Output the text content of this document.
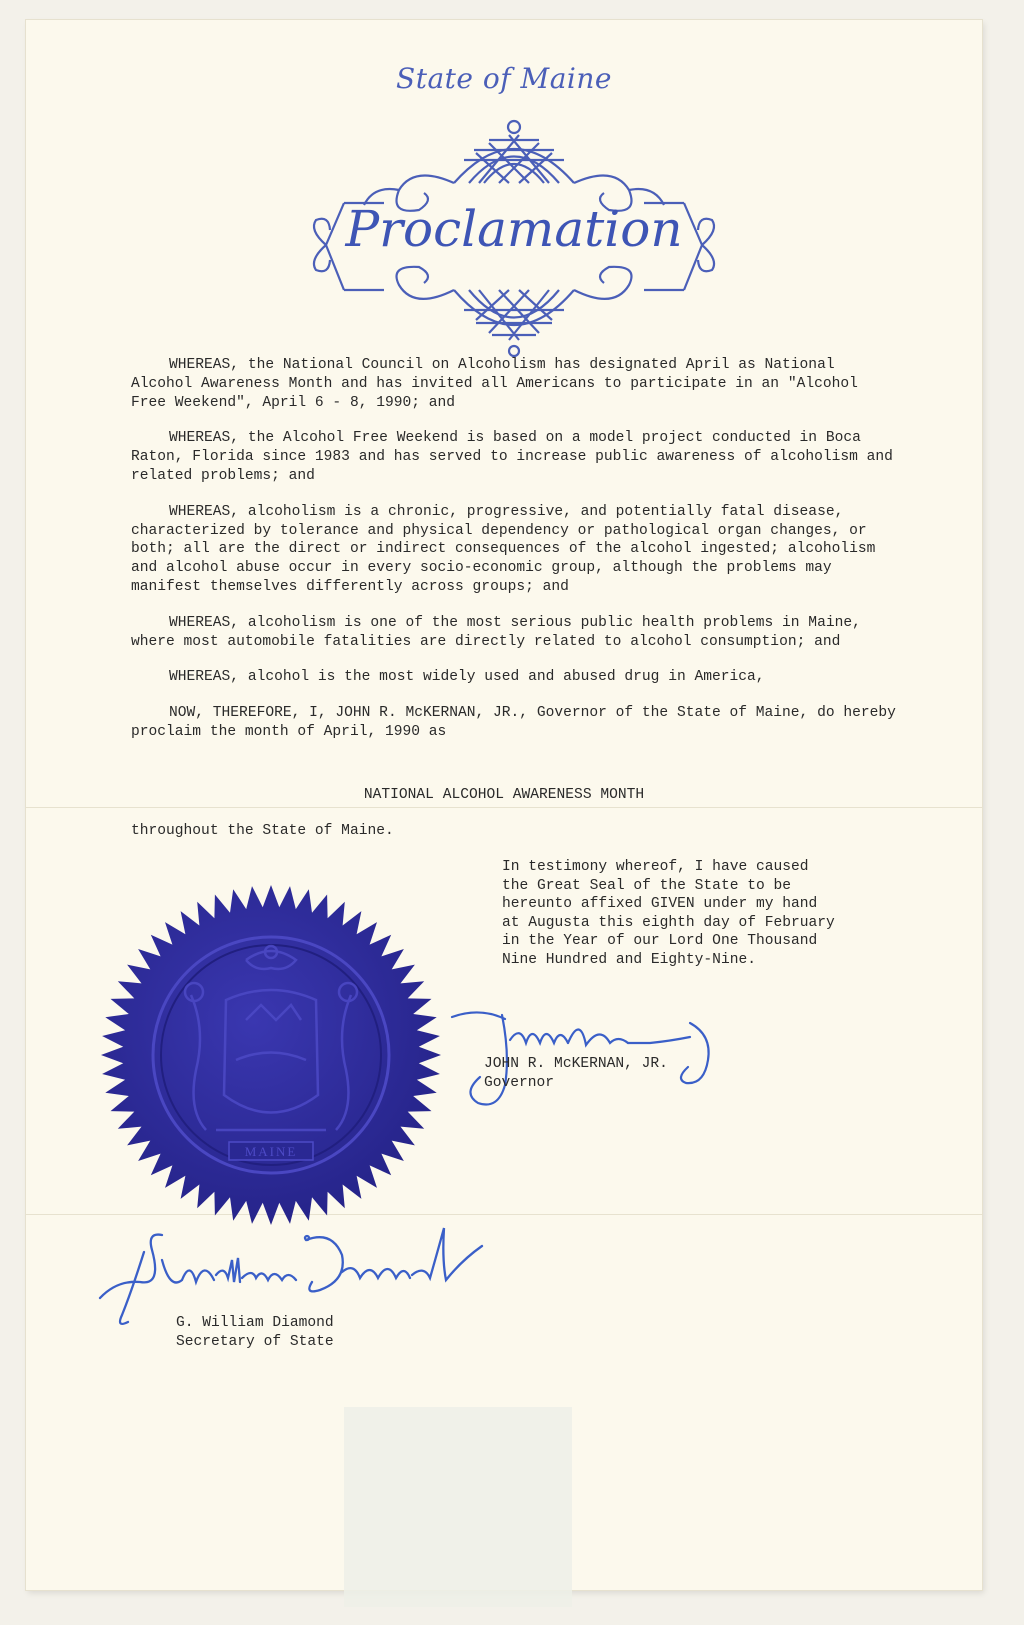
State of Maine
Proclamation

WHEREAS, the National Council on Alcoholism has designated April as National Alcohol Awareness Month and has invited all Americans to participate in an "Alcohol Free Weekend", April 6 - 8, 1990; and

WHEREAS, the Alcohol Free Weekend is based on a model project conducted in Boca Raton, Florida since 1983 and has served to increase public awareness of alcoholism and related problems; and

WHEREAS, alcoholism is a chronic, progressive, and potentially fatal disease, characterized by tolerance and physical dependency or pathological organ changes, or both; all are the direct or indirect consequences of the alcohol ingested; alcoholism and alcohol abuse occur in every socio-economic group, although the problems may manifest themselves differently across groups; and

WHEREAS, alcoholism is one of the most serious public health problems in Maine, where most automobile fatalities are directly related to alcohol consumption; and

WHEREAS, alcohol is the most widely used and abused drug in America,

NOW, THEREFORE, I, JOHN R. McKERNAN, JR., Governor of the State of Maine, do hereby proclaim the month of April, 1990 as

NATIONAL ALCOHOL AWARENESS MONTH
throughout the State of Maine.
In testimony whereof, I have caused the Great Seal of the State to be hereunto affixed GIVEN under my hand at Augusta this eighth day of February in the Year of our Lord One Thousand Nine Hundred and Eighty-Nine.
MAINE
JOHN R. McKERNAN, JR.
Governor
G. William Diamond
Secretary of State
